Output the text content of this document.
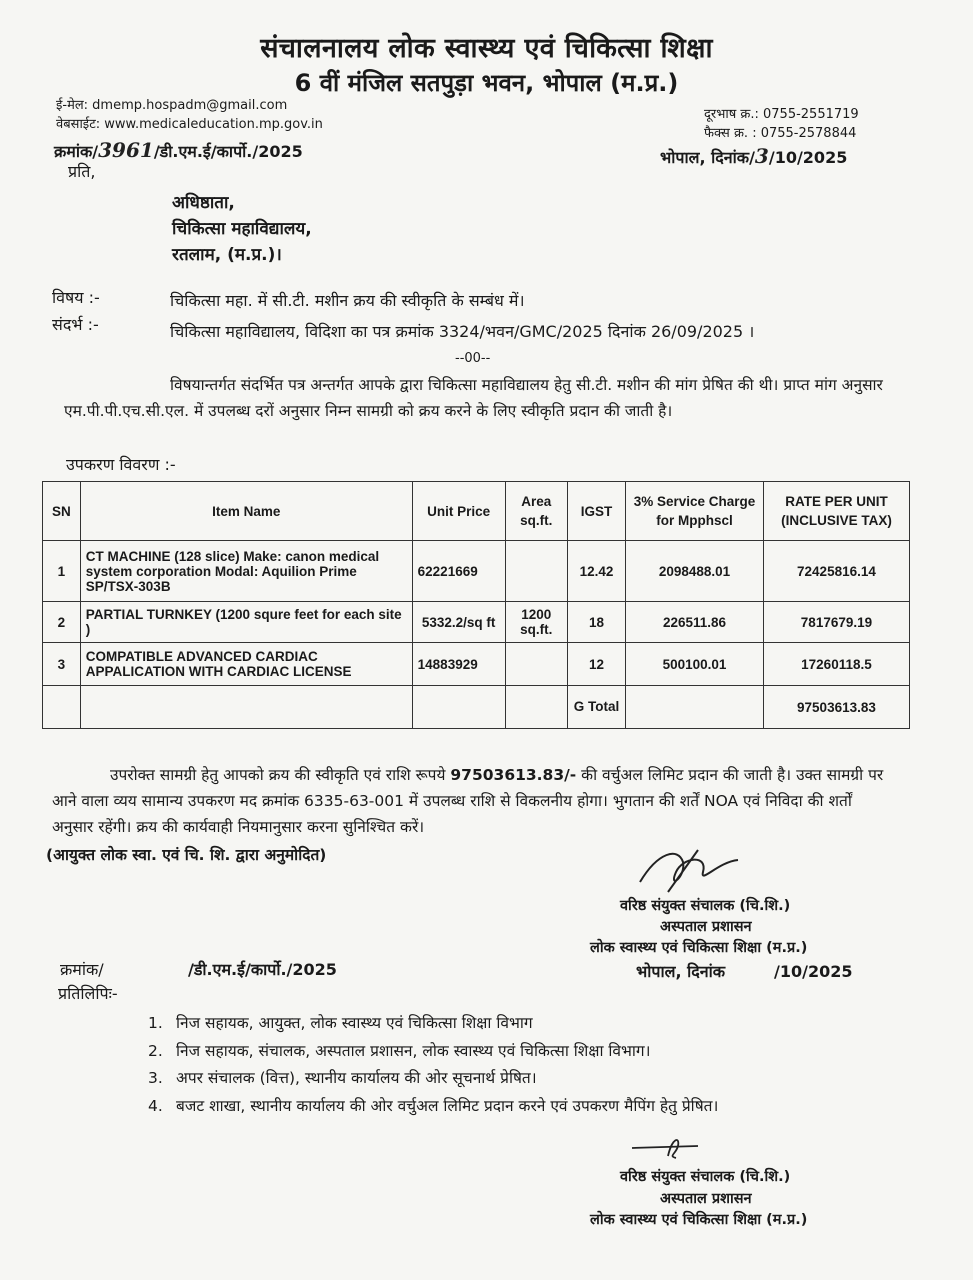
संचालनालय लोक स्वास्थ्य एवं चिकित्सा शिक्षा
6 वीं मंजिल सतपुड़ा भवन, भोपाल (म.प्र.)
ई-मेल: dmemp.hospadm@gmail.com
वेबसाईट: www.medicaleducation.mp.gov.in
दूरभाष क्र.: 0755-2551719
फैक्स क्र. : 0755-2578844
क्रमांक/3961/डी.एम.ई/कार्पो./2025	भोपाल, दिनांक/3/10/2025
प्रति,
अधिष्ठाता,
चिकित्सा महाविद्यालय,
रतलाम, (म.प्र.)।
विषय :-	चिकित्सा महा. में सी.टी. मशीन क्रय की स्वीकृति के सम्बंध में।
संदर्भ :-	चिकित्सा महाविद्यालय, विदिशा का पत्र क्रमांक 3324/भवन/GMC/2025 दिनांक 26/09/2025 ।
--00--
विषयान्तर्गत संदर्भित पत्र अन्तर्गत आपके द्वारा चिकित्सा महाविद्यालय हेतु सी.टी. मशीन की मांग प्रेषित की थी। प्राप्त मांग अनुसार एम.पी.पी.एच.सी.एल. में उपलब्ध दरों अनुसार निम्न सामग्री को क्रय करने के लिए स्वीकृति प्रदान की जाती है।
उपकरण विवरण :-
SN	Item Name	Unit Price	Area sq.ft.	IGST	3% Service Charge for Mpphscl	RATE PER UNIT (INCLUSIVE TAX)
1	CT MACHINE (128 slice) Make: canon medical system corporation Modal: Aquilion Prime SP/TSX-303B	62221669		12.42	2098488.01	72425816.14
2	PARTIAL TURNKEY (1200 squre feet for each site )	5332.2/sq ft	1200 sq.ft.	18	226511.86	7817679.19
3	COMPATIBLE ADVANCED CARDIAC APPALICATION WITH CARDIAC LICENSE	14883929		12	500100.01	17260118.5
				G Total		97503613.83
उपरोक्त सामग्री हेतु आपको क्रय की स्वीकृति एवं राशि रूपये 97503613.83/- की वर्चुअल लिमिट प्रदान की जाती है। उक्त सामग्री पर आने वाला व्यय सामान्य उपकरण मद क्रमांक 6335-63-001 में उपलब्ध राशि से विकलनीय होगा। भुगतान की शर्तें NOA एवं निविदा की शर्तों अनुसार रहेंगी। क्रय की कार्यवाही नियमानुसार करना सुनिश्चित करें।
(आयुक्त लोक स्वा. एवं चि. शि. द्वारा अनुमोदित)
वरिष्ठ संयुक्त संचालक (चि.शि.)
अस्पताल प्रशासन
लोक स्वास्थ्य एवं चिकित्सा शिक्षा (म.प्र.)
क्रमांक/	/डी.एम.ई/कार्पो./2025	भोपाल, दिनांक	/10/2025
प्रतिलिपिः-
1. निज सहायक, आयुक्त, लोक स्वास्थ्य एवं चिकित्सा शिक्षा विभाग
2. निज सहायक, संचालक, अस्पताल प्रशासन, लोक स्वास्थ्य एवं चिकित्सा शिक्षा विभाग।
3. अपर संचालक (वित्त), स्थानीय कार्यालय की ओर सूचनार्थ प्रेषित।
4. बजट शाखा, स्थानीय कार्यालय की ओर वर्चुअल लिमिट प्रदान करने एवं उपकरण मैपिंग हेतु प्रेषित।
वरिष्ठ संयुक्त संचालक (चि.शि.)
अस्पताल प्रशासन
लोक स्वास्थ्य एवं चिकित्सा शिक्षा (म.प्र.)
